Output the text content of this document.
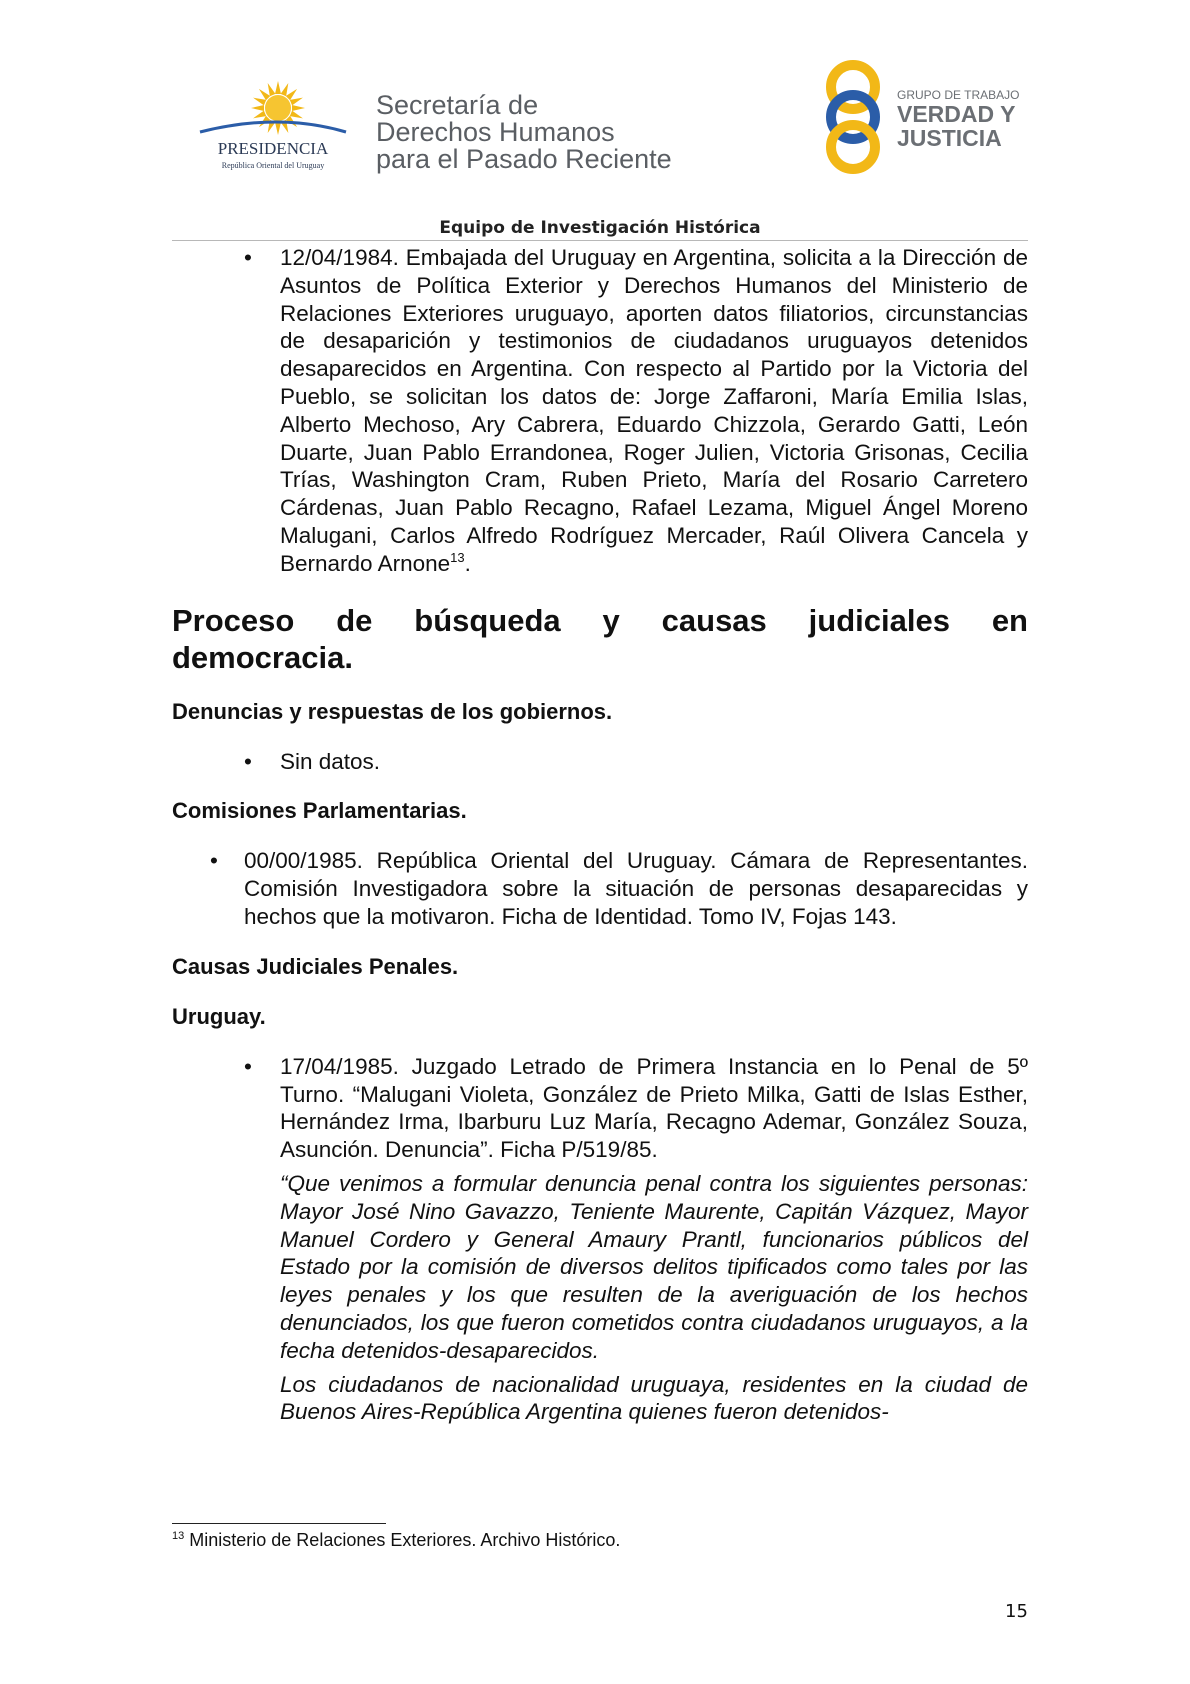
PRESIDENCIA
República Oriental del Uruguay
Secretaría de
Derechos Humanos
para el Pasado Reciente
GRUPO DE TRABAJO
VERDAD Y
JUSTICIA
Equipo de Investigación Histórica
• 12/04/1984. Embajada del Uruguay en Argentina, solicita a la Dirección de Asuntos de Política Exterior y Derechos Humanos del Ministerio de Relaciones Exteriores uruguayo, aporten datos filiatorios, circunstancias de desaparición y testimonios de ciudadanos uruguayos detenidos desaparecidos en Argentina. Con respecto al Partido por la Victoria del Pueblo, se solicitan los datos de: Jorge Zaffaroni, María Emilia Islas, Alberto Mechoso, Ary Cabrera, Eduardo Chizzola, Gerardo Gatti, León Duarte, Juan Pablo Errandonea, Roger Julien, Victoria Grisonas, Cecilia Trías, Washington Cram, Ruben Prieto, María del Rosario Carretero Cárdenas, Juan Pablo Recagno, Rafael Lezama, Miguel Ángel Moreno Malugani, Carlos Alfredo Rodríguez Mercader, Raúl Olivera Cancela y Bernardo Arnone$^{13}$.
Proceso de búsqueda y causas judiciales en
democracia.
Denuncias y respuestas de los gobiernos.
• Sin datos.
Comisiones Parlamentarias.
• 00/00/1985. República Oriental del Uruguay. Cámara de Representantes. Comisión Investigadora sobre la situación de personas desaparecidas y hechos que la motivaron. Ficha de Identidad. Tomo IV, Fojas 143.
Causas Judiciales Penales.
Uruguay.
• 17/04/1985. Juzgado Letrado de Primera Instancia en lo Penal de 5º Turno. “Malugani Violeta, González de Prieto Milka, Gatti de Islas Esther, Hernández Irma, Ibarburu Luz María, Recagno Ademar, González Souza, Asunción. Denuncia”. Ficha P/519/85.
“Que venimos a formular denuncia penal contra los siguientes personas: Mayor José Nino Gavazzo, Teniente Maurente, Capitán Vázquez, Mayor Manuel Cordero y General Amaury Prantl, funcionarios públicos del Estado por la comisión de diversos delitos tipificados como tales por las leyes penales y los que resulten de la averiguación de los hechos denunciados, los que fueron cometidos contra ciudadanos uruguayos, a la fecha detenidos-desaparecidos.
Los ciudadanos de nacionalidad uruguaya, residentes en la ciudad de Buenos Aires-República Argentina quienes fueron detenidos-
$^{13}$ Ministerio de Relaciones Exteriores. Archivo Histórico.
15
